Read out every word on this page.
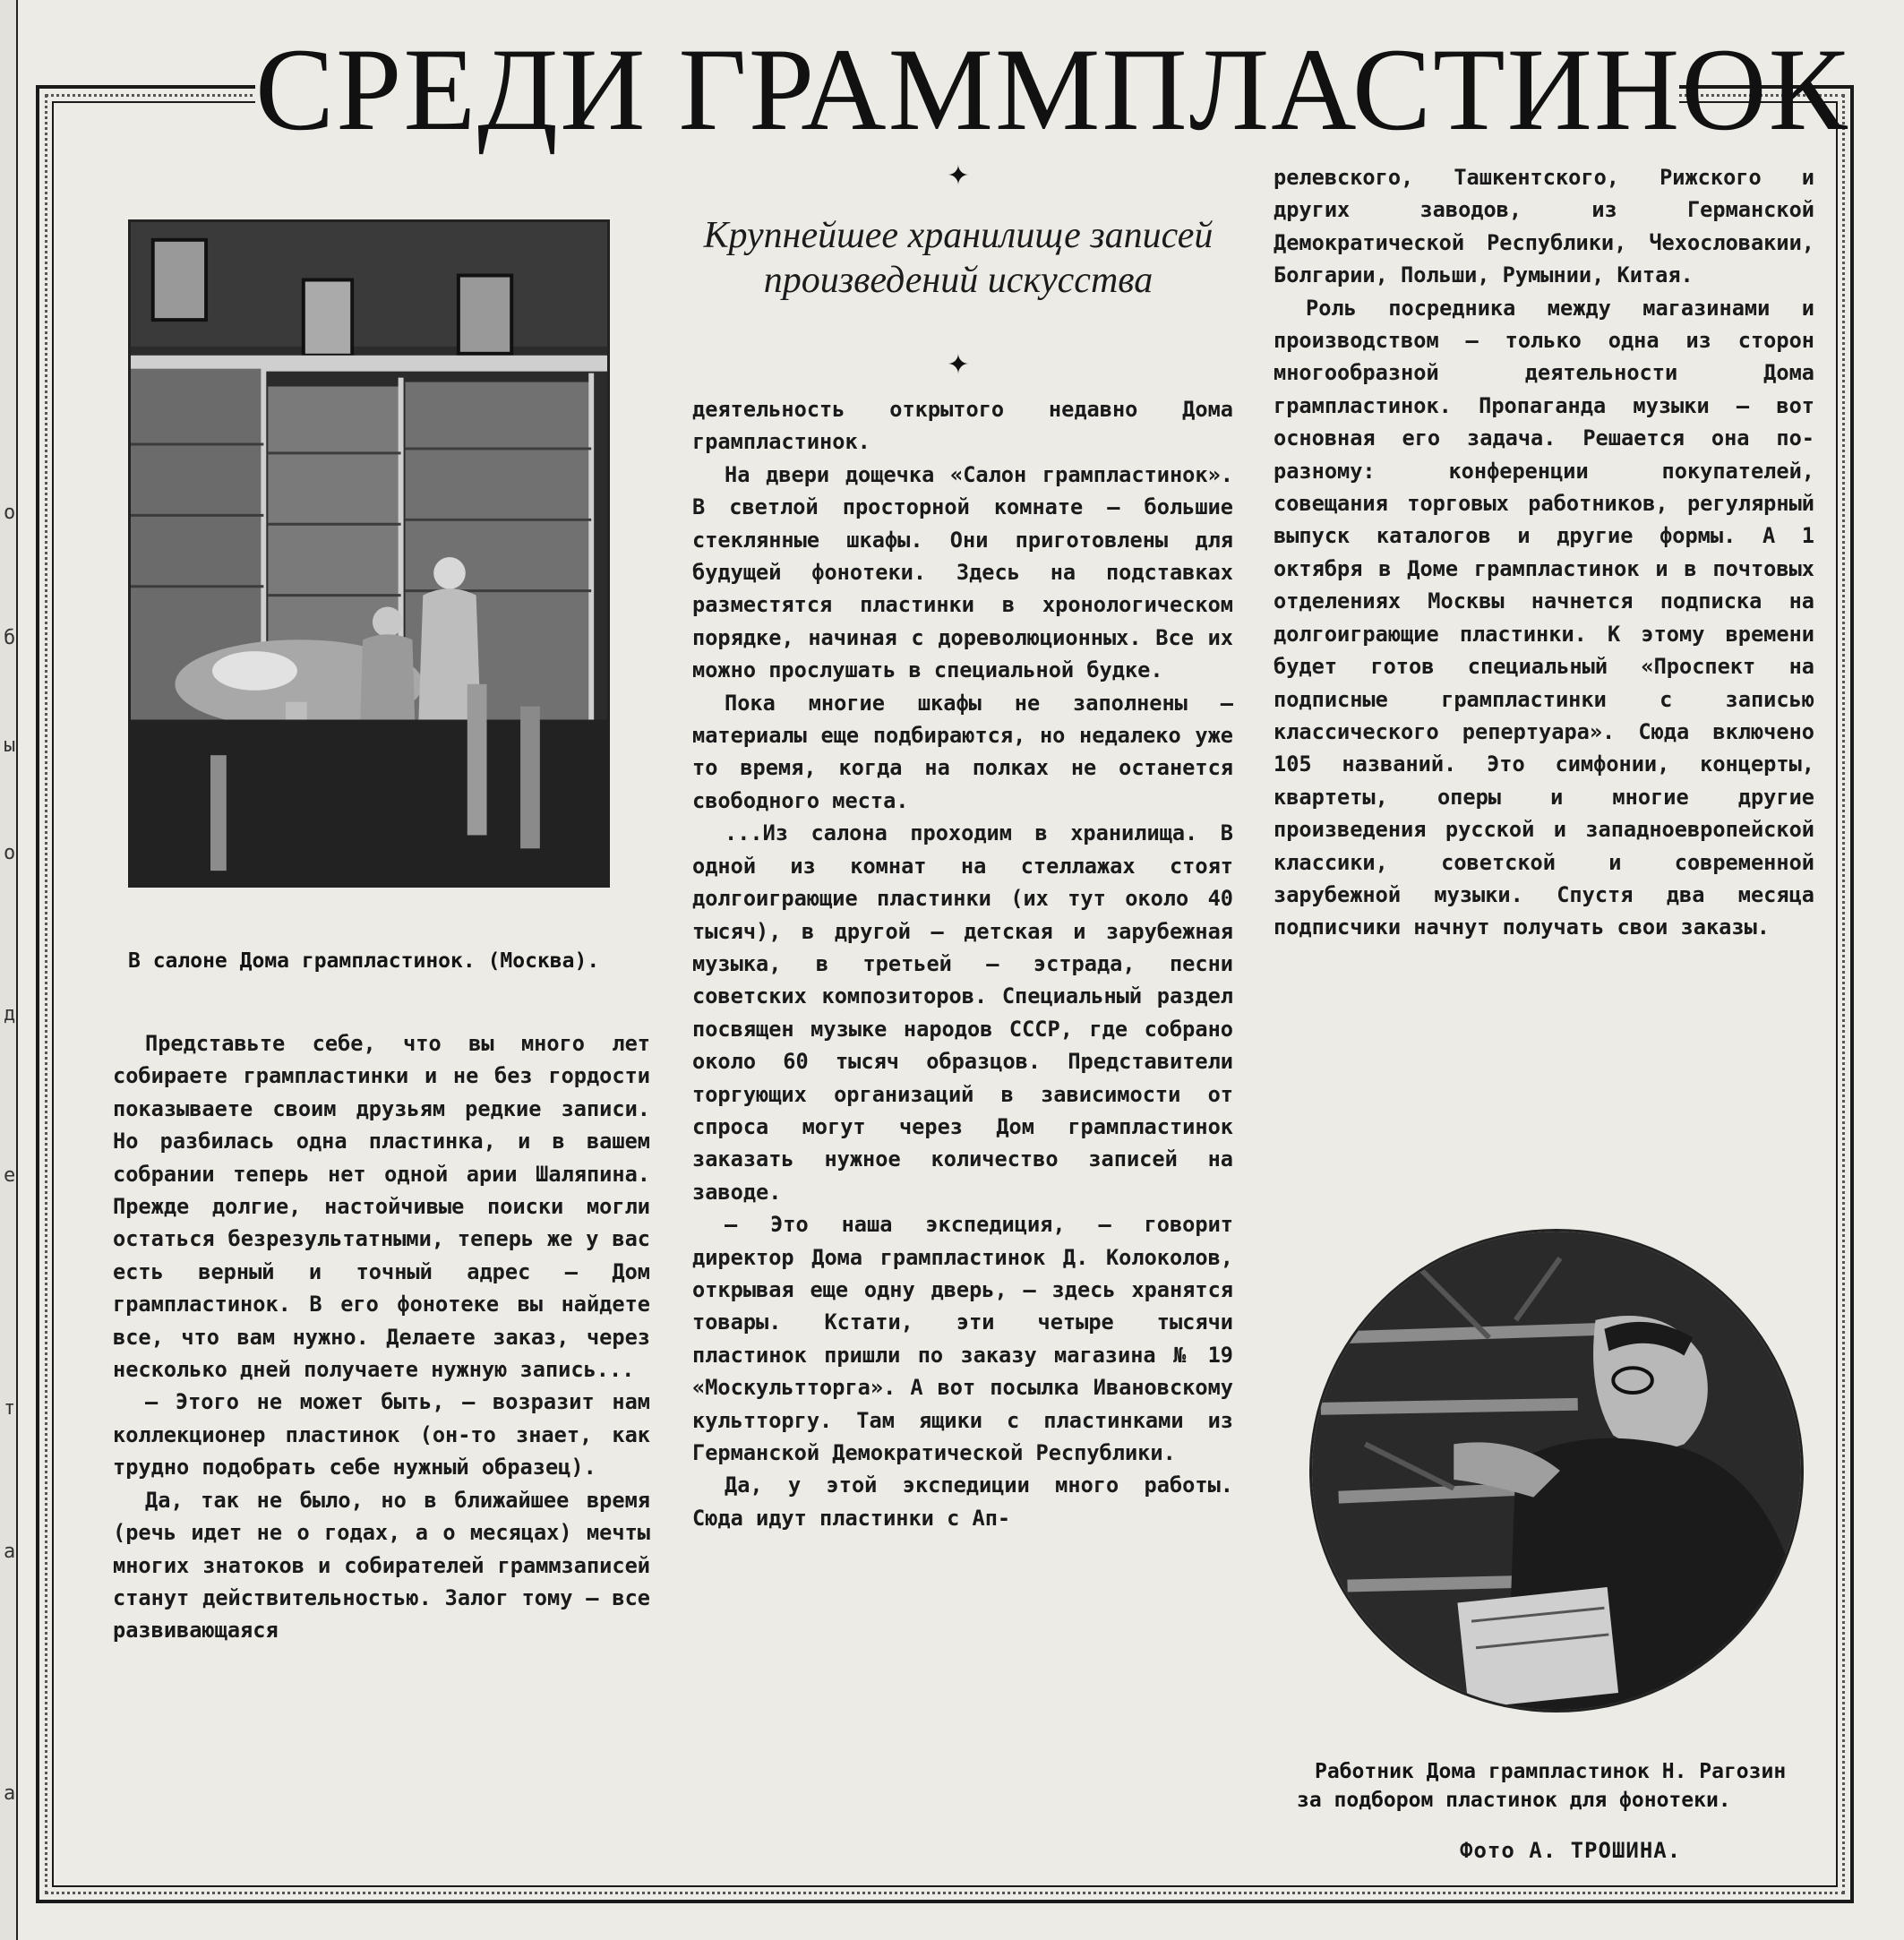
о
б
ы
о
д
е
т
а
а
СРЕДИ ГРАММПЛАСТИНОК
✦
Крупнейшее хранилище записей произведений искусства
✦
В салоне Дома грампластинок. (Москва).

Представьте себе, что вы много лет собираете грампластинки и не без гордости показываете своим друзьям редкие записи. Но разбилась одна пластинка, и в вашем собрании теперь нет одной арии Шаляпина. Прежде долгие, настойчивые поиски могли остаться безрезультатными, теперь же у вас есть верный и точный адрес — Дом грампластинок. В его фонотеке вы найдете все, что вам нужно. Делаете заказ, через несколько дней получаете нужную запись...

— Этого не может быть, — возразит нам коллекционер пластинок (он-то знает, как трудно подобрать себе нужный образец).

Да, так не было, но в ближайшее время (речь идет не о годах, а о месяцах) мечты многих знатоков и собирателей граммзаписей станут действительностью. Залог тому — все развивающаяся

деятельность открытого недавно Дома грампластинок.

На двери дощечка «Салон грампластинок». В светлой просторной комнате — большие стеклянные шкафы. Они приготовлены для будущей фонотеки. Здесь на подставках разместятся пластинки в хронологическом порядке, начиная с дореволюционных. Все их можно прослушать в специальной будке.

Пока многие шкафы не заполнены — материалы еще подбираются, но недалеко уже то время, когда на полках не останется свободного места.

...Из салона проходим в хранилища. В одной из комнат на стеллажах стоят долгоиграющие пластинки (их тут около 40 тысяч), в другой — детская и зарубежная музыка, в третьей — эстрада, песни советских композиторов. Специальный раздел посвящен музыке народов СССР, где собрано около 60 тысяч образцов. Представители торгующих организаций в зависимости от спроса могут через Дом грампластинок заказать нужное количество записей на заводе.

— Это наша экспедиция, — говорит директор Дома грампластинок Д. Колоколов, открывая еще одну дверь, — здесь хранятся товары. Кстати, эти четыре тысячи пластинок пришли по заказу магазина № 19 «Москультторга». А вот посылка Ивановскому культторгу. Там ящики с пластинками из Германской Демократической Республики.

Да, у этой экспедиции много работы. Сюда идут пластинки с Ап-

релевского, Ташкентского, Рижского и других заводов, из Германской Демократической Республики, Чехословакии, Болгарии, Польши, Румынии, Китая.

Роль посредника между магазинами и производством — только одна из сторон многообразной деятельности Дома грампластинок. Пропаганда музыки — вот основная его задача. Решается она по-разному: конференции покупателей, совещания торговых работников, регулярный выпуск каталогов и другие формы. А 1 октября в Доме грампластинок и в почтовых отделениях Москвы начнется подписка на долгоиграющие пластинки. К этому времени будет готов специальный «Проспект на подписные грампластинки с записью классического репертуара». Сюда включено 105 названий. Это симфонии, концерты, квартеты, оперы и многие другие произведения русской и западноевропейской классики, советской и современной зарубежной музыки. Спустя два месяца подписчики начнут получать свои заказы.

Работник Дома грампластинок Н. Рагозин за подбором пластинок для фонотеки.
Фото А. ТРОШИНА.
